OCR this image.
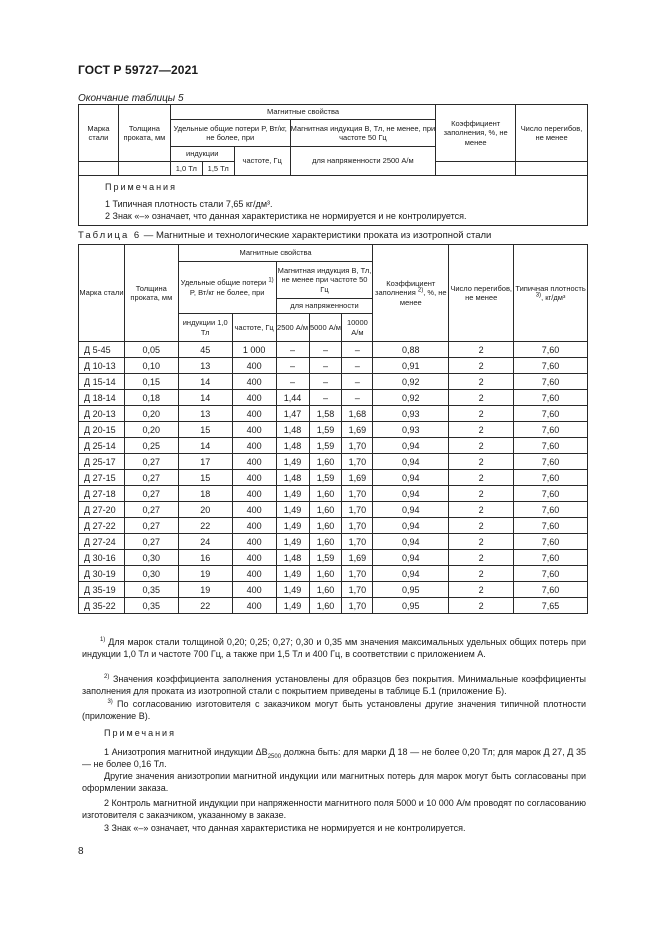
ГОСТ Р 59727—2021
Окончание таблицы 5
Марка стали	Толщина проката, мм	Магнитные свойства				Коэффициент заполнения, %, не менее	Число перегибов, не менее
		Удельные общие потери P, Вт/кг, не более, при			Магнитная индукция B, Тл, не менее, при частоте 50 Гц		
		индукции		частоте, Гц	для напряженности 2500 А/м		
		1,0 Тл	1,5 Тл				

Примечания
1 Типичная плотность стали 7,65 кг/дм³.
2 Знак «–» означает, что данная характеристика не нормируется и не контролируется.							
Таблица 6 — Магнитные и технологические характеристики проката из изотропной стали
Марка стали	Толщина проката, мм	Магнитные свойства					Коэффициент заполнения $^{2)}$, %, не менее	Число перегибов, не менее	Типичная плотность $^{3)}$, кг/дм³
		Удельные общие потери $^{1)}$ P, Вт/кг не более, при		Магнитная индукция B, Тл, не менее при частоте 50 Гц					
				для напряженности					
		индукции 1,0 Тл	частоте, Гц	2500 А/м	5000 А/м	10000 А/м			
Д 5-45	0,05	45	1 000	–	–	–	0,88	2	7,60
Д 10-13	0,10	13	400	–	–	–	0,91	2	7,60
Д 15-14	0,15	14	400	–	–	–	0,92	2	7,60
Д 18-14	0,18	14	400	1,44	–	–	0,92	2	7,60
Д 20-13	0,20	13	400	1,47	1,58	1,68	0,93	2	7,60
Д 20-15	0,20	15	400	1,48	1,59	1,69	0,93	2	7,60
Д 25-14	0,25	14	400	1,48	1,59	1,70	0,94	2	7,60
Д 25-17	0,27	17	400	1,49	1,60	1,70	0,94	2	7,60
Д 27-15	0,27	15	400	1,48	1,59	1,69	0,94	2	7,60
Д 27-18	0,27	18	400	1,49	1,60	1,70	0,94	2	7,60
Д 27-20	0,27	20	400	1,49	1,60	1,70	0,94	2	7,60
Д 27-22	0,27	22	400	1,49	1,60	1,70	0,94	2	7,60
Д 27-24	0,27	24	400	1,49	1,60	1,70	0,94	2	7,60
Д 30-16	0,30	16	400	1,48	1,59	1,69	0,94	2	7,60
Д 30-19	0,30	19	400	1,49	1,60	1,70	0,94	2	7,60
Д 35-19	0,35	19	400	1,49	1,60	1,70	0,95	2	7,60
Д 35-22	0,35	22	400	1,49	1,60	1,70	0,95	2	7,65
$^{1)}$ Для марок стали толщиной 0,20; 0,25; 0,27; 0,30 и 0,35 мм значения максимальных удельных общих потерь при индукции 1,0 Тл и частоте 700 Гц, а также при 1,5 Тл и 400 Гц, в соответствии с приложением А.
$^{2)}$ Значения коэффициента заполнения установлены для образцов без покрытия. Минимальные коэффициенты заполнения для проката из изотропной стали с покрытием приведены в таблице Б.1 (приложение Б).
$^{3)}$ По согласованию изготовителя с заказчиком могут быть установлены другие значения типичной плотности (приложение В).
Примечания
1 Анизотропия магнитной индукции $\Delta B_{2500}$ должна быть: для марки Д 18 — не более 0,20 Тл; для марок Д 27, Д 35 — не более 0,16 Тл.
Другие значения анизотропии магнитной индукции или магнитных потерь для марок могут быть согласованы при оформлении заказа.
2 Контроль магнитной индукции при напряженности магнитного поля 5000 и 10 000 А/м проводят по согласованию изготовителя с заказчиком, указанному в заказе.
3 Знак «–» означает, что данная характеристика не нормируется и не контролируется.
8
